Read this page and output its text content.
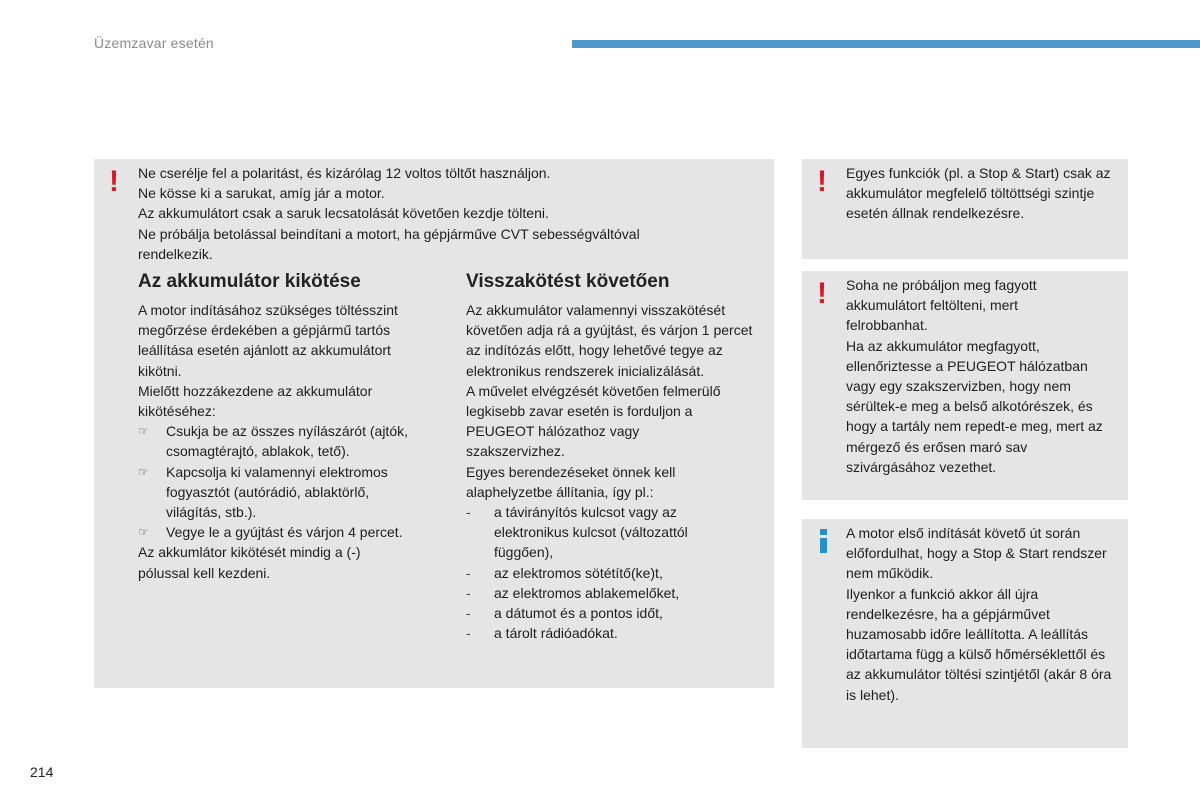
Üzemzavar esetén
! Ne cserélje fel a polaritást, és kizárólag 12 voltos töltőt használjon.

Ne kösse ki a sarukat, amíg jár a motor.

Az akkumulátort csak a saruk lecsatolását követően kezdje tölteni.

Ne próbálja betolással beindítani a motort, ha gépjárműve CVT sebességváltóval rendelkezik.

Az akkumulátor kikötése

A motor indításához szükséges töltésszint megőrzése érdekében a gépjármű tartós leállítása esetén ajánlott az akkumulátort kikötni.

Mielőtt hozzákezdene az akkumulátor kikötéséhez:

☞	Csukja be az összes nyílászárót (ajtók, csomagtérajtó, ablakok, tető).
☞	Kapcsolja ki valamennyi elektromos fogyasztót (autórádió, ablaktörlő, világítás, stb.).
☞	Vegye le a gyújtást és várjon 4 percet.

Az akkumlátor kikötését mindig a (-) pólussal kell kezdeni.

Visszakötést követően

Az akkumulátor valamennyi visszakötését követően adja rá a gyújtást, és várjon 1 percet az indítózás előtt, hogy lehetővé tegye az elektronikus rendszerek inicializálását.

A művelet elvégzését követően felmerülő legkisebb zavar esetén is forduljon a PEUGEOT hálózathoz vagy szakszervizhez.

Egyes berendezéseket önnek kell alaphelyzetbe állítania, így pl.:

-	a távirányítós kulcsot vagy az elektronikus kulcsot (változattól függően),
-	az elektromos sötétítő(ke)t,
-	az elektromos ablakemelőket,
-	a dátumot és a pontos időt,
-	a tárolt rádióadókat.
! Egyes funkciók (pl. a Stop & Start) csak az akkumulátor megfelelő töltöttségi szintje esetén állnak rendelkezésre.
! Soha ne próbáljon meg fagyott akkumulátort feltölteni, mert felrobbanhat.

Ha az akkumulátor megfagyott, ellenőriztesse a PEUGEOT hálózatban vagy egy szakszervizben, hogy nem sérültek-e meg a belső alkotórészek, és hogy a tartály nem repedt-e meg, mert az mérgező és erősen maró sav szivárgásához vezethet.

A motor első indítását követő út során előfordulhat, hogy a Stop & Start rendszer nem működik.

Ilyenkor a funkció akkor áll újra rendelkezésre, ha a gépjárművet huzamosabb időre leállította. A leállítás időtartama függ a külső hőmérséklettől és az akkumulátor töltési szintjétől (akár 8 óra is lehet).

214
